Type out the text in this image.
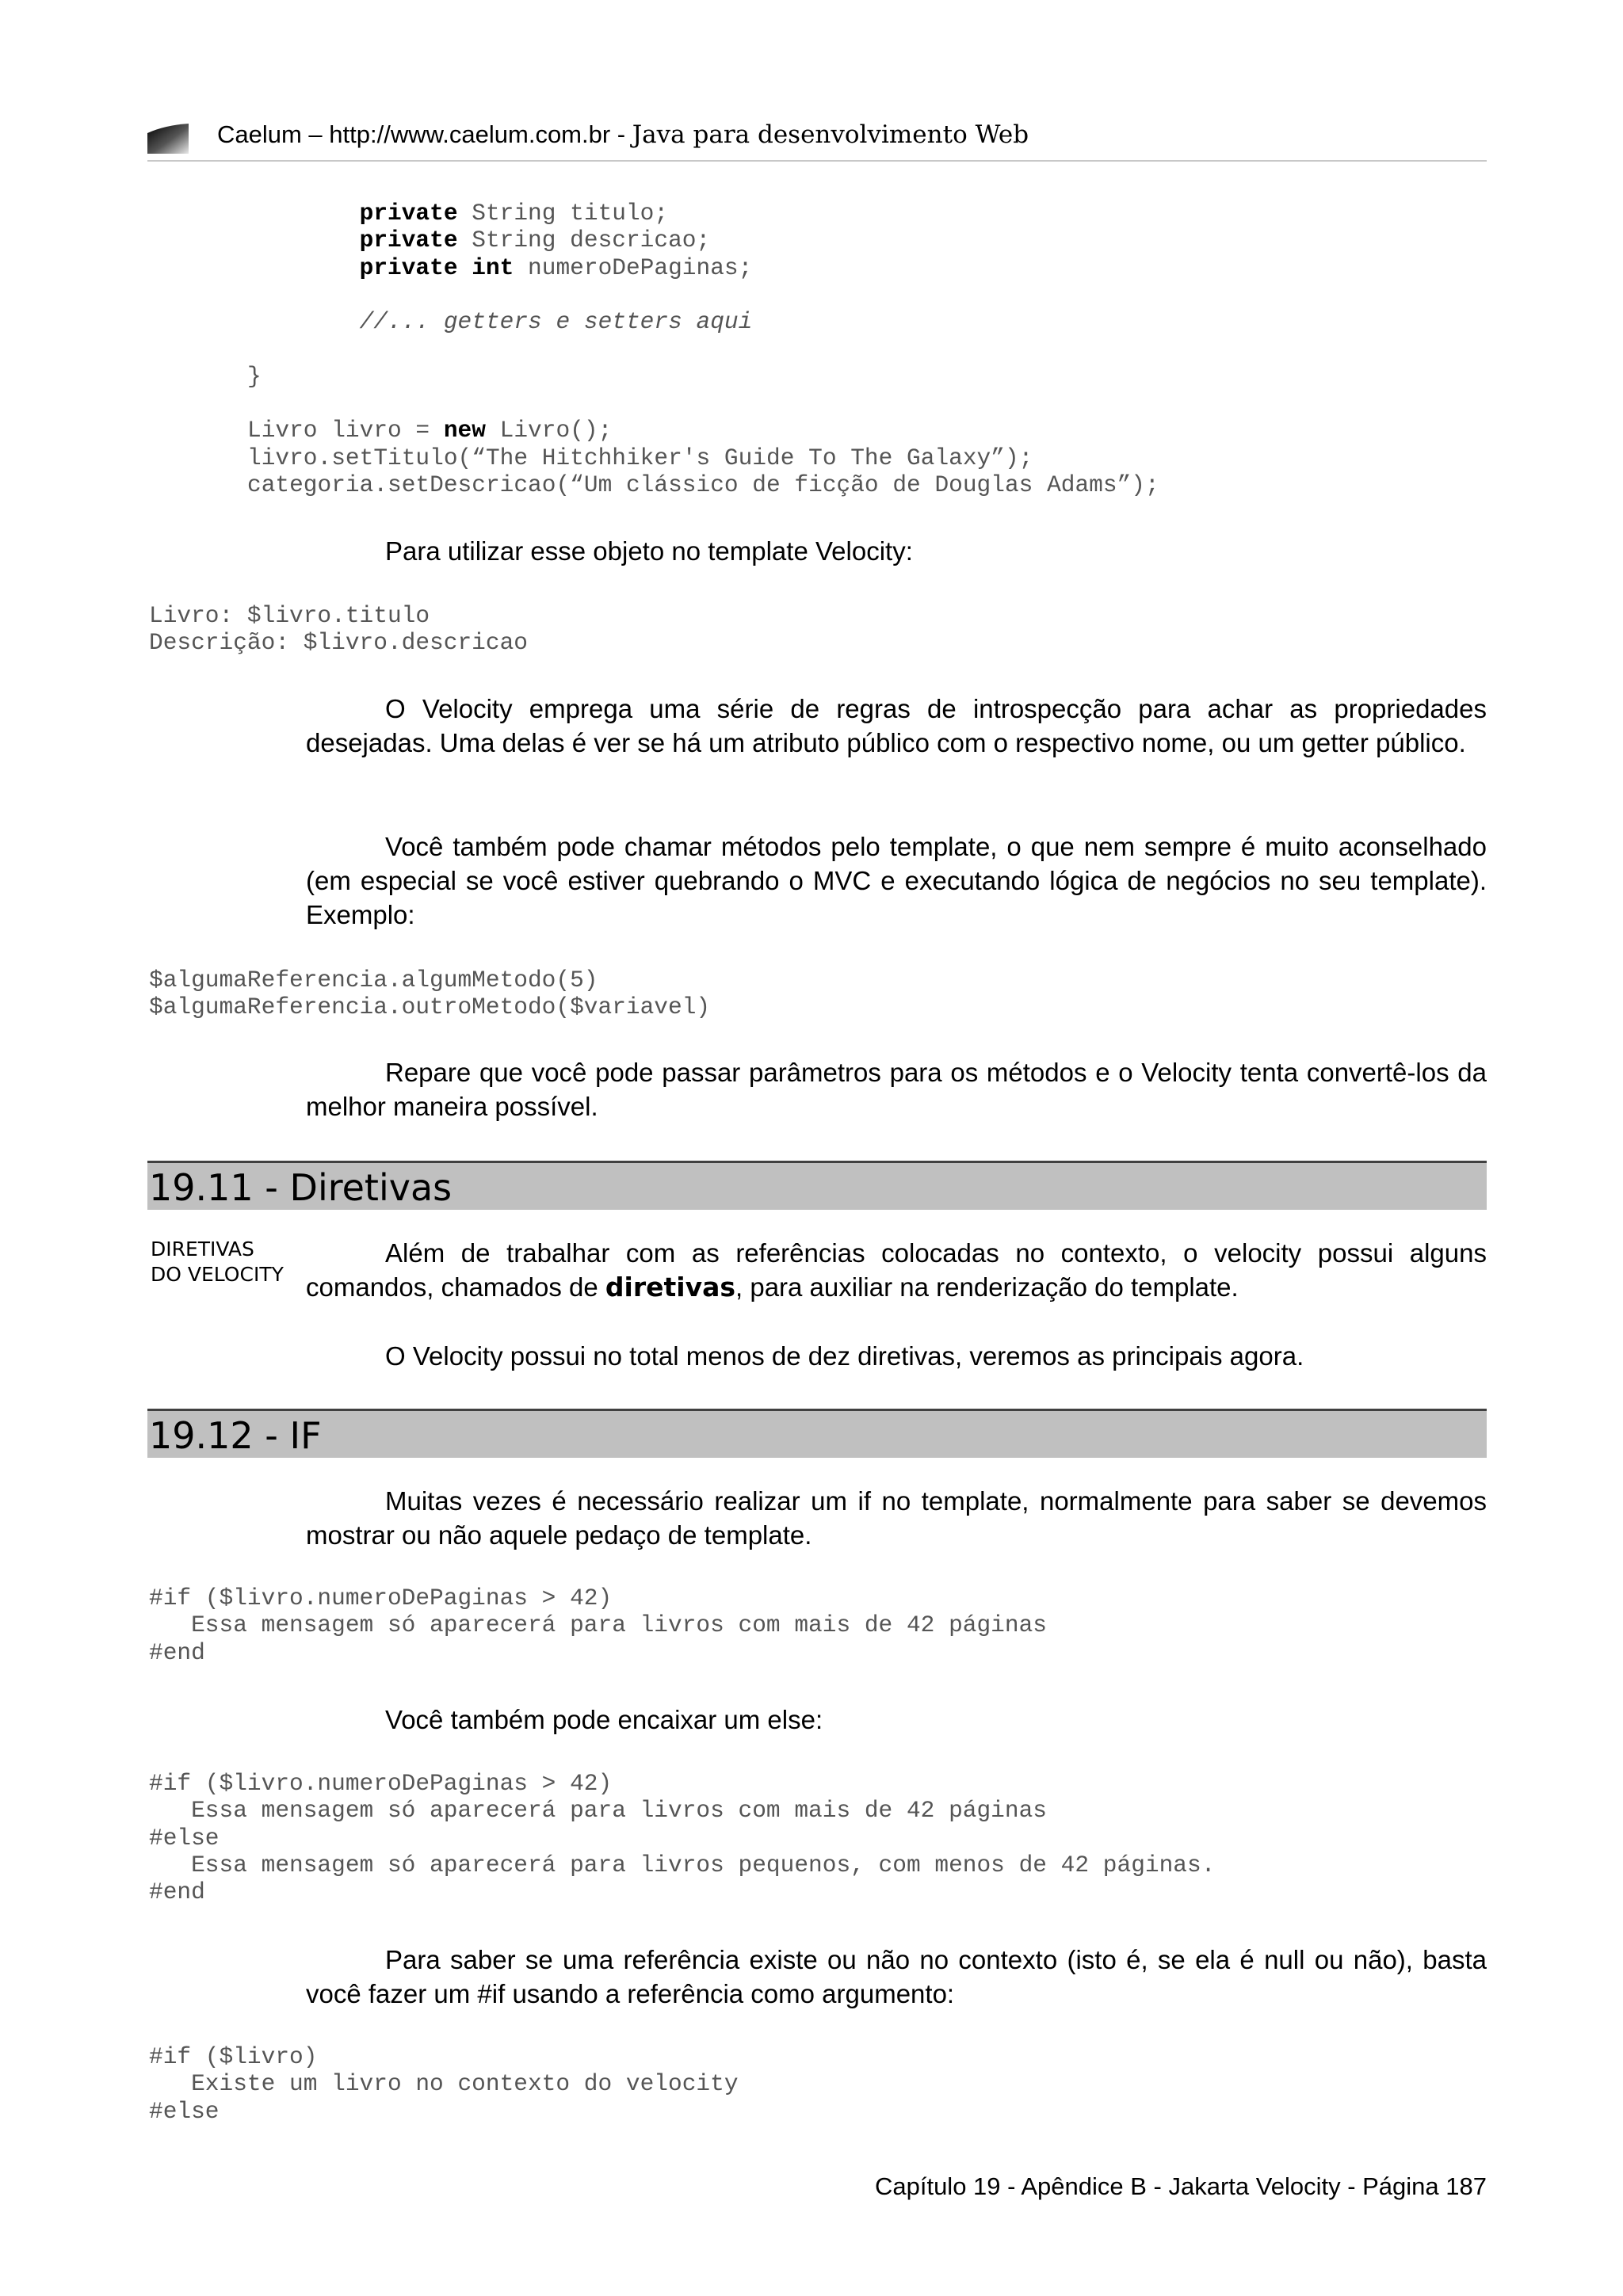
Caelum – http://www.caelum.com.br - Java para desenvolvimento Web
private String titulo;
private String descricao;
private int numeroDePaginas;
//... getters e setters aqui
}
Livro livro = new Livro();
livro.setTitulo(“The Hitchhiker's Guide To The Galaxy”);
categoria.setDescricao(“Um clássico de ficção de Douglas Adams”);

Para utilizar esse objeto no template Velocity:

Livro: $livro.titulo
Descrição: $livro.descricao

O Velocity emprega uma série de regras de introspecção para achar as propriedades desejadas. Uma delas é ver se há um atributo público com o respectivo nome, ou um getter público.

Você também pode chamar métodos pelo template, o que nem sempre é muito aconselhado (em especial se você estiver quebrando o MVC e executando lógica de negócios no seu template). Exemplo:

$algumaReferencia.algumMetodo(5)
$algumaReferencia.outroMetodo($variavel)

Repare que você pode passar parâmetros para os métodos e o Velocity tenta convertê-los da melhor maneira possível.

19.11 - Diretivas
DIRETIVAS
DO VELOCITY

Além de trabalhar com as referências colocadas no contexto, o velocity possui alguns comandos, chamados de diretivas, para auxiliar na renderização do template.

O Velocity possui no total menos de dez diretivas, veremos as principais agora.

19.12 - IF

Muitas vezes é necessário realizar um if no template, normalmente para saber se devemos mostrar ou não aquele pedaço de template.

#if ($livro.numeroDePaginas > 42)
Essa mensagem só aparecerá para livros com mais de 42 páginas
#end

Você também pode encaixar um else:

#if ($livro.numeroDePaginas > 42)
Essa mensagem só aparecerá para livros com mais de 42 páginas
#else
Essa mensagem só aparecerá para livros pequenos, com menos de 42 páginas.
#end

Para saber se uma referência existe ou não no contexto (isto é, se ela é null ou não), basta você fazer um #if usando a referência como argumento:

#if ($livro)
Existe um livro no contexto do velocity
#else
Capítulo 19 - Apêndice B - Jakarta Velocity - Página 187
